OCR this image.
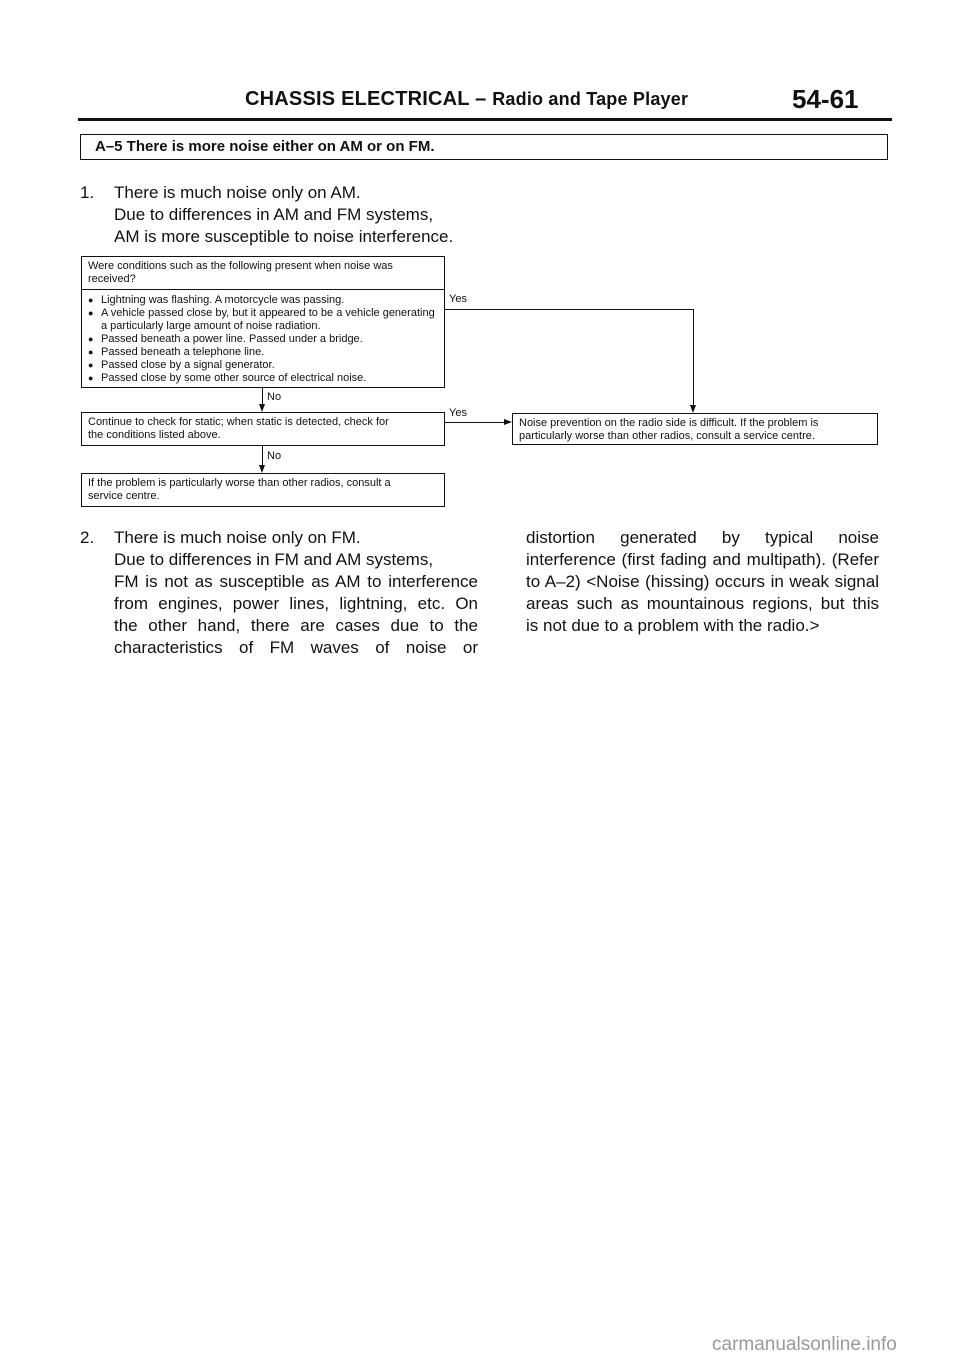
CHASSIS ELECTRICAL – Radio and Tape Player	54-61
A–5 There is more noise either on AM or on FM.
1. There is much noise only on AM.
Due to differences in AM and FM systems,
AM is more susceptible to noise interference.
Were conditions such as the following present when noise was
received?
● Lightning was flashing. A motorcycle was passing.
● A vehicle passed close by, but it appeared to be a vehicle generating a particularly large amount of noise radiation.
● Passed beneath a power line. Passed under a bridge.
● Passed beneath a telephone line.
● Passed close by a signal generator.
● Passed close by some other source of electrical noise.
Yes
No
Continue to check for static; when static is detected, check for
the conditions listed above.
Yes
Noise prevention on the radio side is difficult. If the problem is
particularly worse than other radios, consult a service centre.
No
If the problem is particularly worse than other radios, consult a
service centre.
2. There is much noise only on FM.
Due to differences in FM and AM systems,
FM is not as susceptible as AM to interference
from engines, power lines, lightning, etc. On
the other hand, there are cases due to the
characteristics of FM waves of noise or
distortion generated by typical noise
interference (first fading and multipath). (Refer
to A–2) <Noise (hissing) occurs in weak signal
areas such as mountainous regions, but this
is not due to a problem with the radio.>
carmanualsonline.info
